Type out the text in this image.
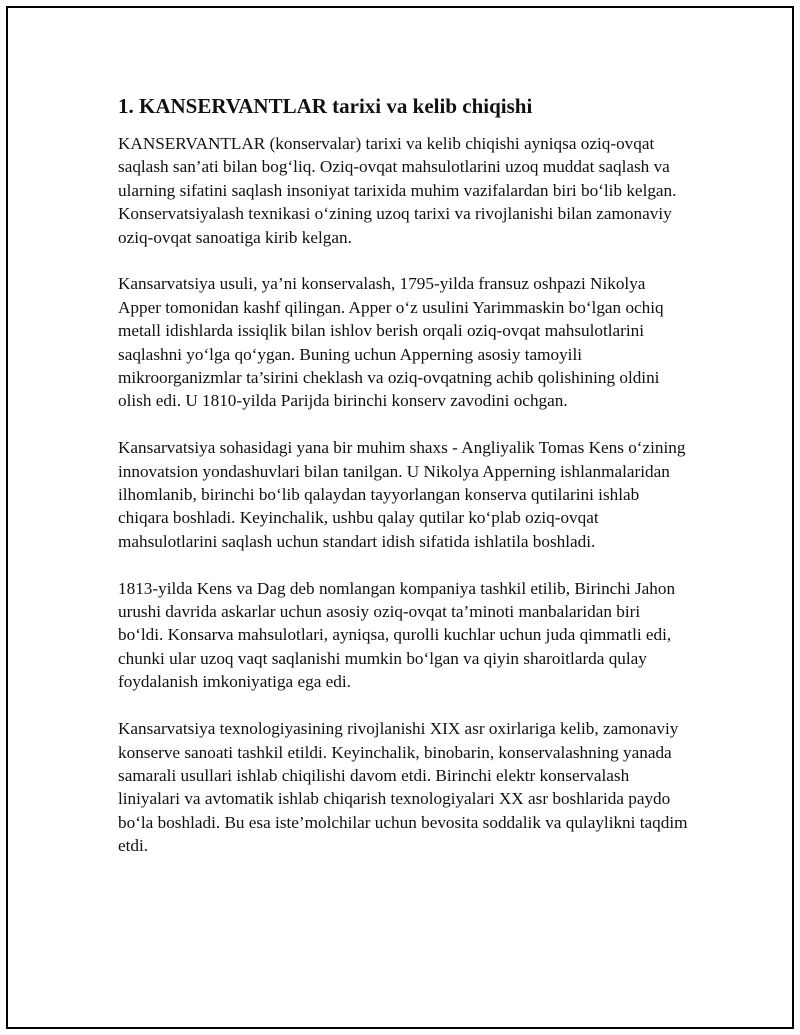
1. KANSERVANTLAR tarixi va kelib chiqishi

KANSERVANTLAR (konservalar) tarixi va kelib chiqishi ayniqsa oziq-ovqat saqlash san’ati bilan bog‘liq. Oziq-ovqat mahsulotlarini uzoq muddat saqlash va ularning sifatini saqlash insoniyat tarixida muhim vazifalardan biri bo‘lib kelgan. Konservatsiyalash texnikasi o‘zining uzoq tarixi va rivojlanishi bilan zamonaviy oziq-ovqat sanoatiga kirib kelgan.

Kansarvatsiya usuli, ya’ni konservalash, 1795-yilda fransuz oshpazi Nikolya Apper tomonidan kashf qilingan. Apper o‘z usulini Yarimmaskin bo‘lgan ochiq metall idishlarda issiqlik bilan ishlov berish orqali oziq-ovqat mahsulotlarini saqlashni yo‘lga qo‘ygan. Buning uchun Apperning asosiy tamoyili mikroorganizmlar ta’sirini cheklash va oziq-ovqatning achib qolishining oldini olish edi. U 1810-yilda Parijda birinchi konserv zavodini ochgan.

Kansarvatsiya sohasidagi yana bir muhim shaxs - Angliyalik Tomas Kens o‘zining innovatsion yondashuvlari bilan tanilgan. U Nikolya Apperning ishlanmalaridan ilhomlanib, birinchi bo‘lib qalaydan tayyorlangan konserva qutilarini ishlab chiqara boshladi. Keyinchalik, ushbu qalay qutilar ko‘plab oziq-ovqat mahsulotlarini saqlash uchun standart idish sifatida ishlatila boshladi.

1813-yilda Kens va Dag deb nomlangan kompaniya tashkil etilib, Birinchi Jahon urushi davrida askarlar uchun asosiy oziq-ovqat ta’minoti manbalaridan biri bo‘ldi. Konsarva mahsulotlari, ayniqsa, qurolli kuchlar uchun juda qimmatli edi, chunki ular uzoq vaqt saqlanishi mumkin bo‘lgan va qiyin sharoitlarda qulay foydalanish imkoniyatiga ega edi.

Kansarvatsiya texnologiyasining rivojlanishi XIX asr oxirlariga kelib, zamonaviy konserve sanoati tashkil etildi. Keyinchalik, binobarin, konservalashning yanada samarali usullari ishlab chiqilishi davom etdi. Birinchi elektr konservalash liniyalari va avtomatik ishlab chiqarish texnologiyalari XX asr boshlarida paydo bo‘la boshladi. Bu esa iste’molchilar uchun bevosita soddalik va qulaylikni taqdim etdi.
